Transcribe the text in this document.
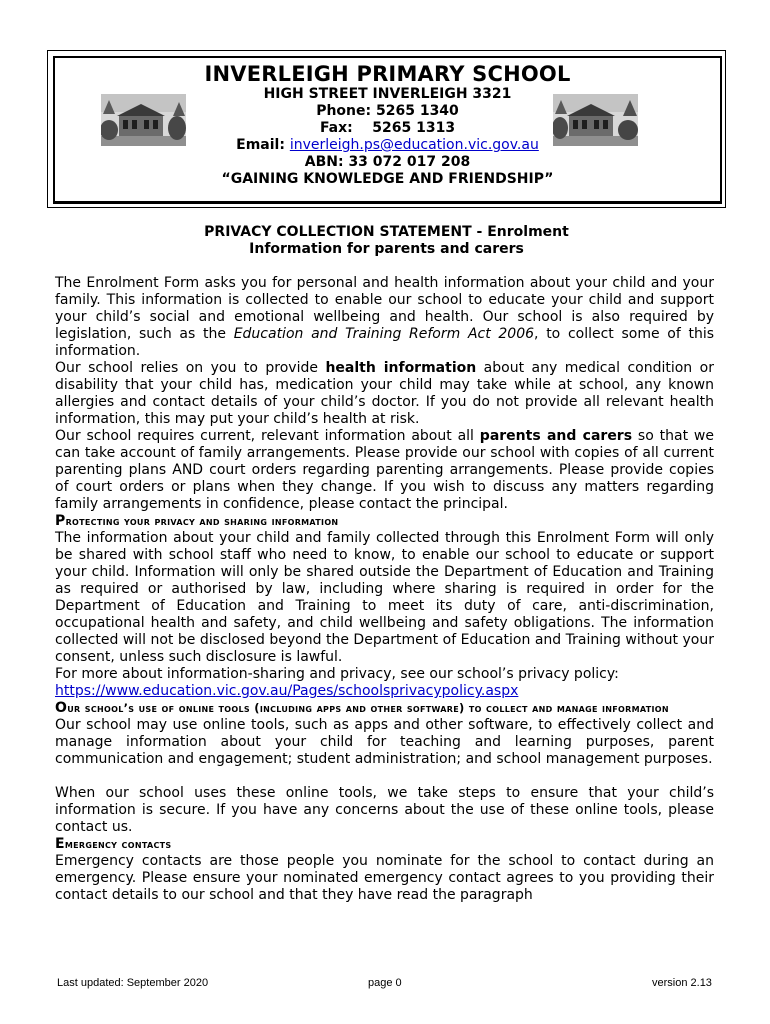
INVERLEIGH PRIMARY SCHOOL
HIGH STREET INVERLEIGH 3321
Phone: 5265 1340
Fax:    5265 1313
Email: inverleigh.ps@education.vic.gov.au
ABN: 33 072 017 208
“GAINING KNOWLEDGE AND FRIENDSHIP”
PRIVACY COLLECTION STATEMENT - Enrolment
Information for parents and carers

The Enrolment Form asks you for personal and health information about your child and your family. This information is collected to enable our school to educate your child and support your child’s social and emotional wellbeing and health. Our school is also required by legislation, such as the Education and Training Reform Act 2006, to collect some of this information.

Our school relies on you to provide health information about any medical condition or disability that your child has, medication your child may take while at school, any known allergies and contact details of your child’s doctor. If you do not provide all relevant health information, this may put your child’s health at risk.

Our school requires current, relevant information about all parents and carers so that we can take account of family arrangements. Please provide our school with copies of all current parenting plans AND court orders regarding parenting arrangements. Please provide copies of court orders or plans when they change. If you wish to discuss any matters regarding family arrangements in confidence, please contact the principal.

Protecting your privacy and sharing information

The information about your child and family collected through this Enrolment Form will only be shared with school staff who need to know, to enable our school to educate or support your child. Information will only be shared outside the Department of Education and Training as required or authorised by law, including where sharing is required in order for the Department of Education and Training to meet its duty of care, anti-discrimination, occupational health and safety, and child wellbeing and safety obligations. The information collected will not be disclosed beyond the Department of Education and Training without your consent, unless such disclosure is lawful.

For more about information-sharing and privacy, see our school’s privacy policy:

https://www.education.vic.gov.au/Pages/schoolsprivacypolicy.aspx

Our school’s use of online tools (including apps and other software) to collect and manage information

Our school may use online tools, such as apps and other software, to effectively collect and manage information about your child for teaching and learning purposes, parent communication and engagement; student administration; and school management purposes.

When our school uses these online tools, we take steps to ensure that your child’s information is secure. If you have any concerns about the use of these online tools, please contact us.

Emergency contacts

Emergency contacts are those people you nominate for the school to contact during an emergency. Please ensure your nominated emergency contact agrees to you providing their contact details to our school and that they have read the paragraph

Last updated: September 2020	page 0	version 2.13
